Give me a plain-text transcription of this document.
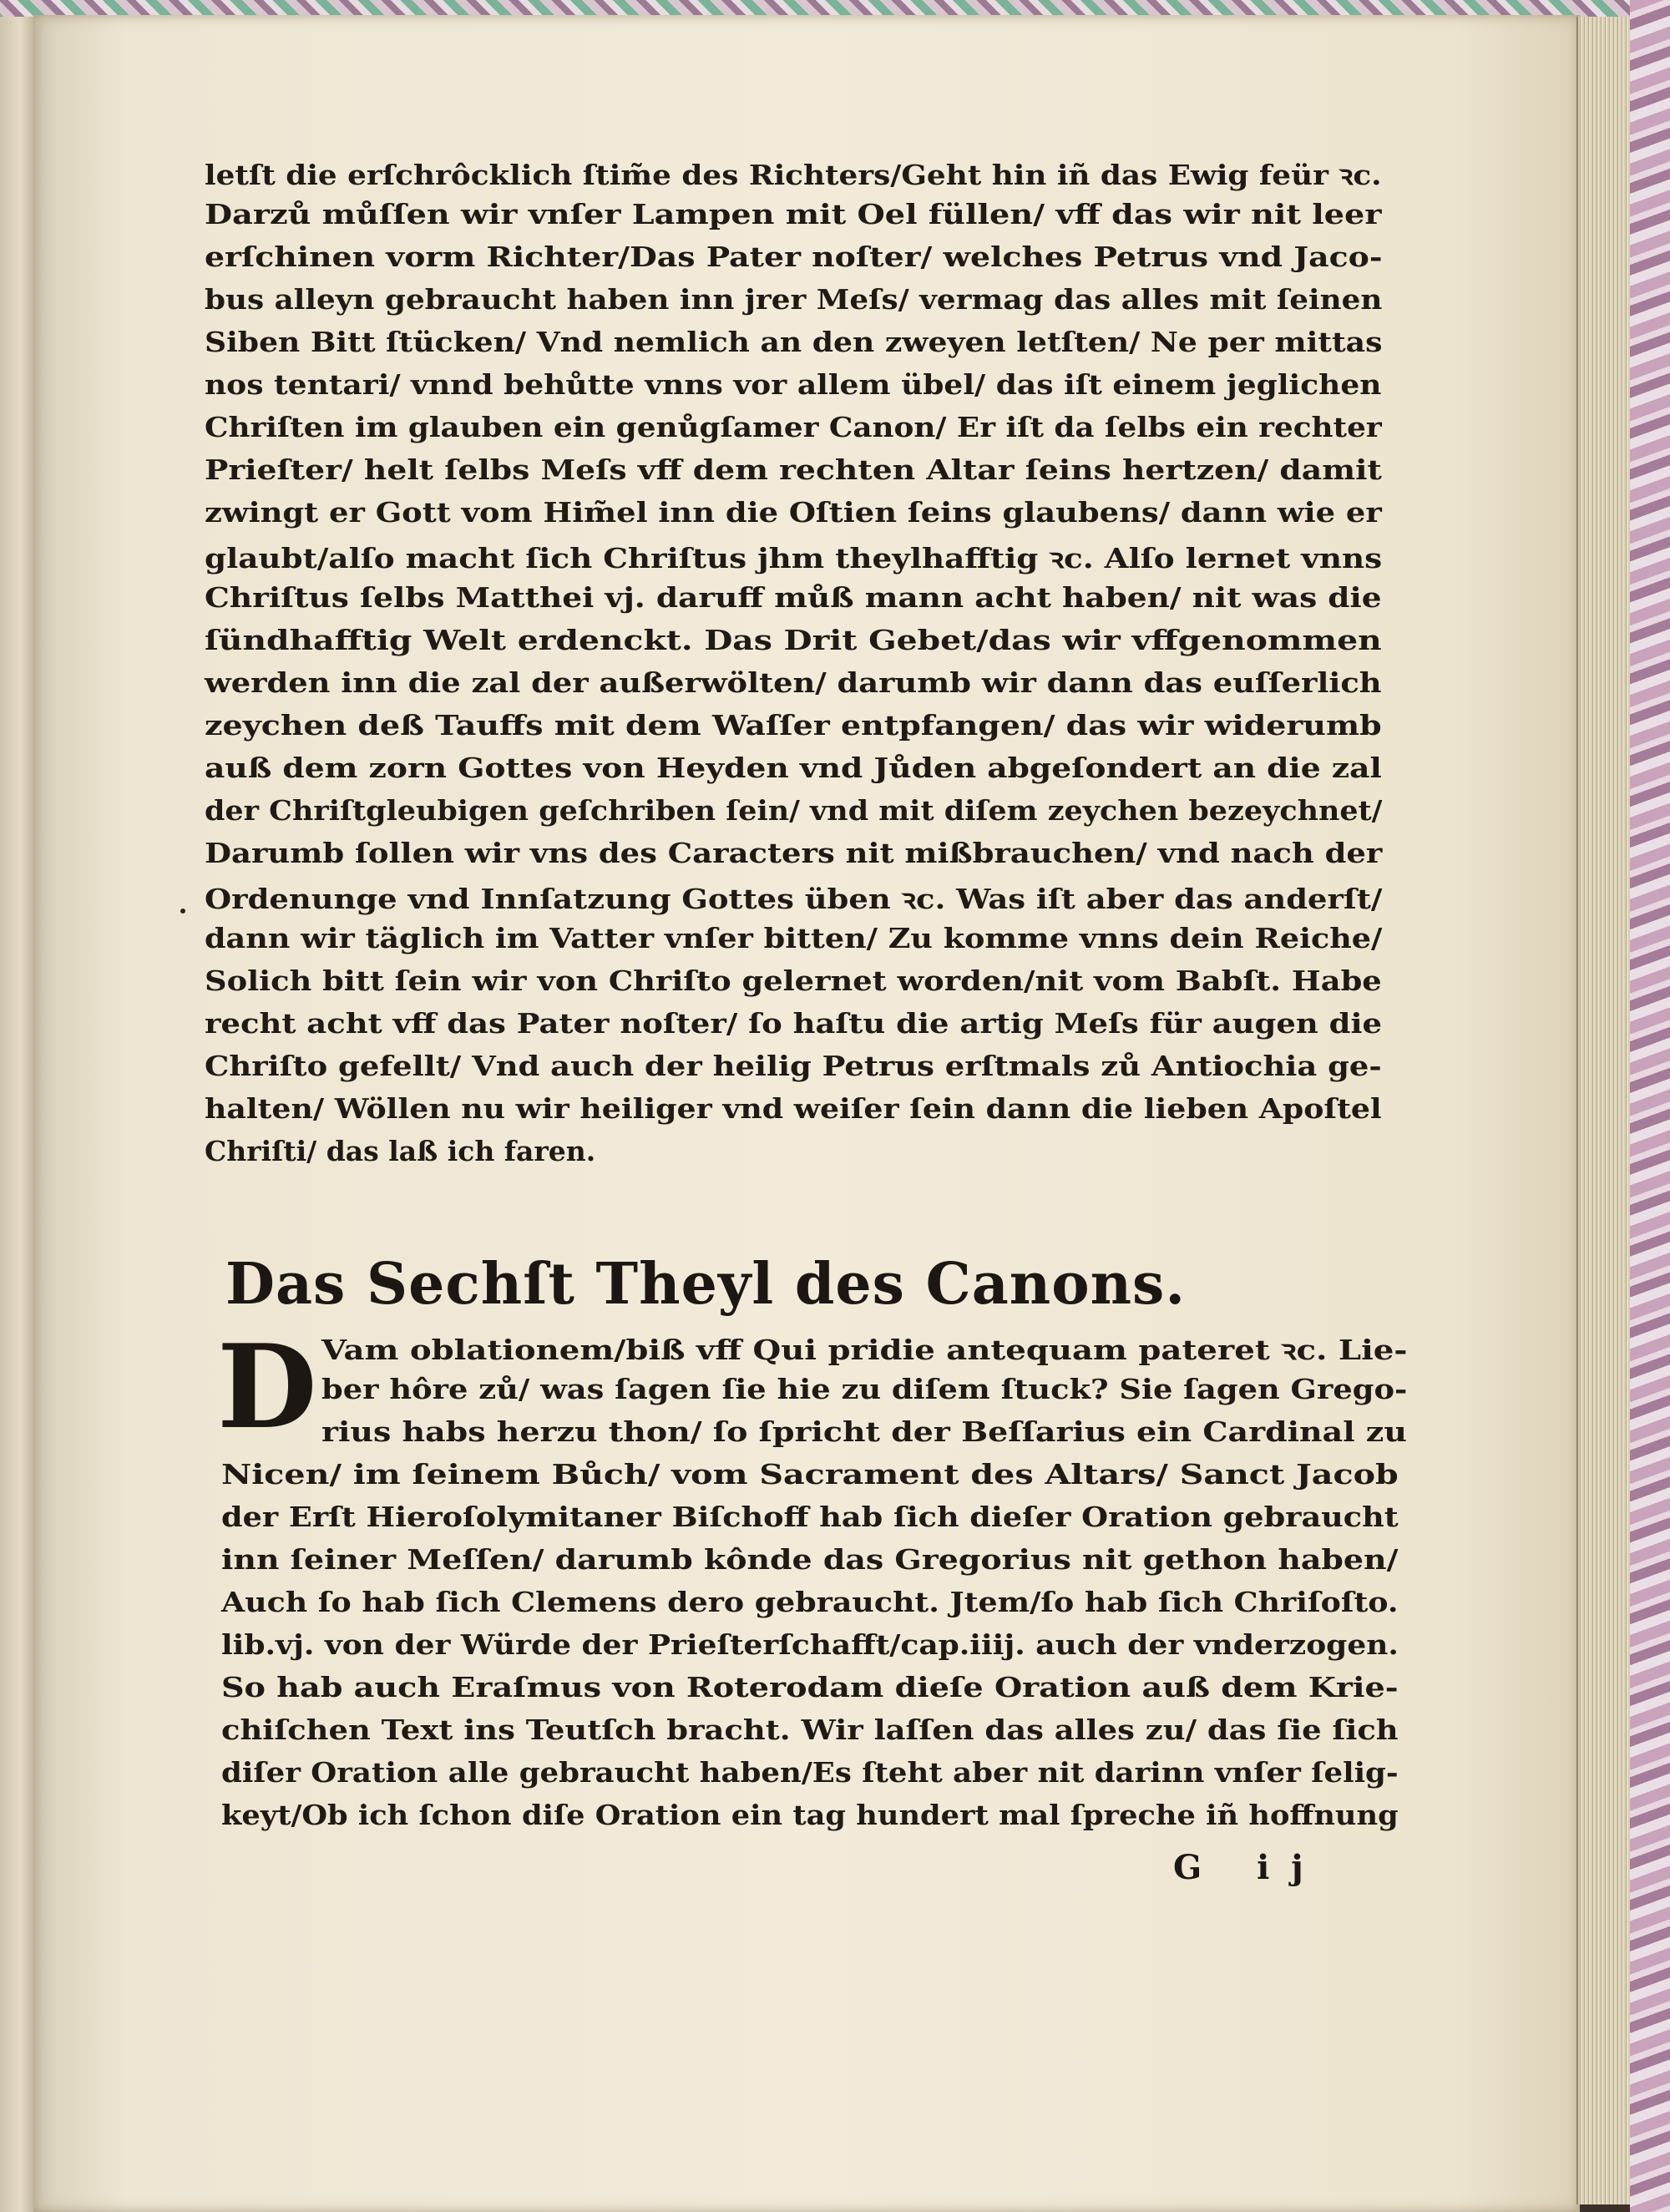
letſt die erſchrôcklich ſtim̃e des Richters/Geht hin iñ das Ewig feür ꝛc.
Darzů můſſen wir vnſer Lampen mit Oel füllen/ vff das wir nit leer
erſchinen vorm Richter/Das Pater noſter/ welches Petrus vnd Jaco-
bus alleyn gebraucht haben inn jrer Meſs/ vermag das alles mit ſeinen
Siben Bitt ſtücken/ Vnd nemlich an den zweyen letſten/ Ne per mittas
nos tentari/ vnnd behůtte vnns vor allem übel/ das iſt einem jeglichen
Chriſten im glauben ein genůgſamer Canon/ Er iſt da ſelbs ein rechter
Prieſter/ helt ſelbs Meſs vff dem rechten Altar ſeins hertzen/ damit
zwingt er Gott vom Him̃el inn die Oſtien ſeins glaubens/ dann wie er
glaubt/alſo macht ſich Chriſtus jhm theylhafftig ꝛc. Alſo lernet vnns
Chriſtus ſelbs Matthei vj. daruff můß mann acht haben/ nit was die
ſündhafftig Welt erdenckt. Das Drit Gebet/das wir vffgenommen
werden inn die zal der außerwölten/ darumb wir dann das euſſerlich
zeychen deß Tauffs mit dem Waſſer entpfangen/ das wir widerumb
auß dem zorn Gottes von Heyden vnd Jůden abgeſondert an die zal
der Chriſtgleubigen geſchriben ſein/ vnd mit diſem zeychen bezeychnet/
Darumb ſollen wir vns des Caracters nit mißbrauchen/ vnd nach der
Ordenunge vnd Innſatzung Gottes üben ꝛc. Was iſt aber das anderſt/
dann wir täglich im Vatter vnſer bitten/ Zu komme vnns dein Reiche/
Solich bitt ſein wir von Chriſto gelernet worden/nit vom Babſt. Habe
recht acht vff das Pater noſter/ ſo haſtu die artig Meſs für augen die
Chriſto gefellt/ Vnd auch der heilig Petrus erſtmals zů Antiochia ge-
halten/ Wöllen nu wir heiliger vnd weiſer ſein dann die lieben Apoſtel
Chriſti/ das laß ich faren.
Das Sechſt Theyl des Canons.
D Vam oblationem/biß vff Qui pridie antequam pateret ꝛc. Lie-
ber hôre zů/ was ſagen ſie hie zu diſem ſtuck? Sie ſagen Grego-
rius habs herzu thon/ ſo ſpricht der Beſſarius ein Cardinal zu
Nicen/ im ſeinem Bůch/ vom Sacrament des Altars/ Sanct Jacob
der Erſt Hieroſolymitaner Biſchoff hab ſich dieſer Oration gebraucht
inn ſeiner Meſſen/ darumb kônde das Gregorius nit gethon haben/
Auch ſo hab ſich Clemens dero gebraucht. Jtem/ſo hab ſich Chriſoſto.
lib.vj. von der Würde der Prieſterſchafft/cap.iiij. auch der vnderzogen.
So hab auch Eraſmus von Roterodam dieſe Oration auß dem Krie-
chiſchen Text ins Teutſch bracht. Wir laſſen das alles zu/ das ſie ſich
diſer Oration alle gebraucht haben/Es ſteht aber nit darinn vnſer ſelig-
keyt/Ob ich ſchon diſe Oration ein tag hundert mal ſpreche iñ hoffnung
G ij
